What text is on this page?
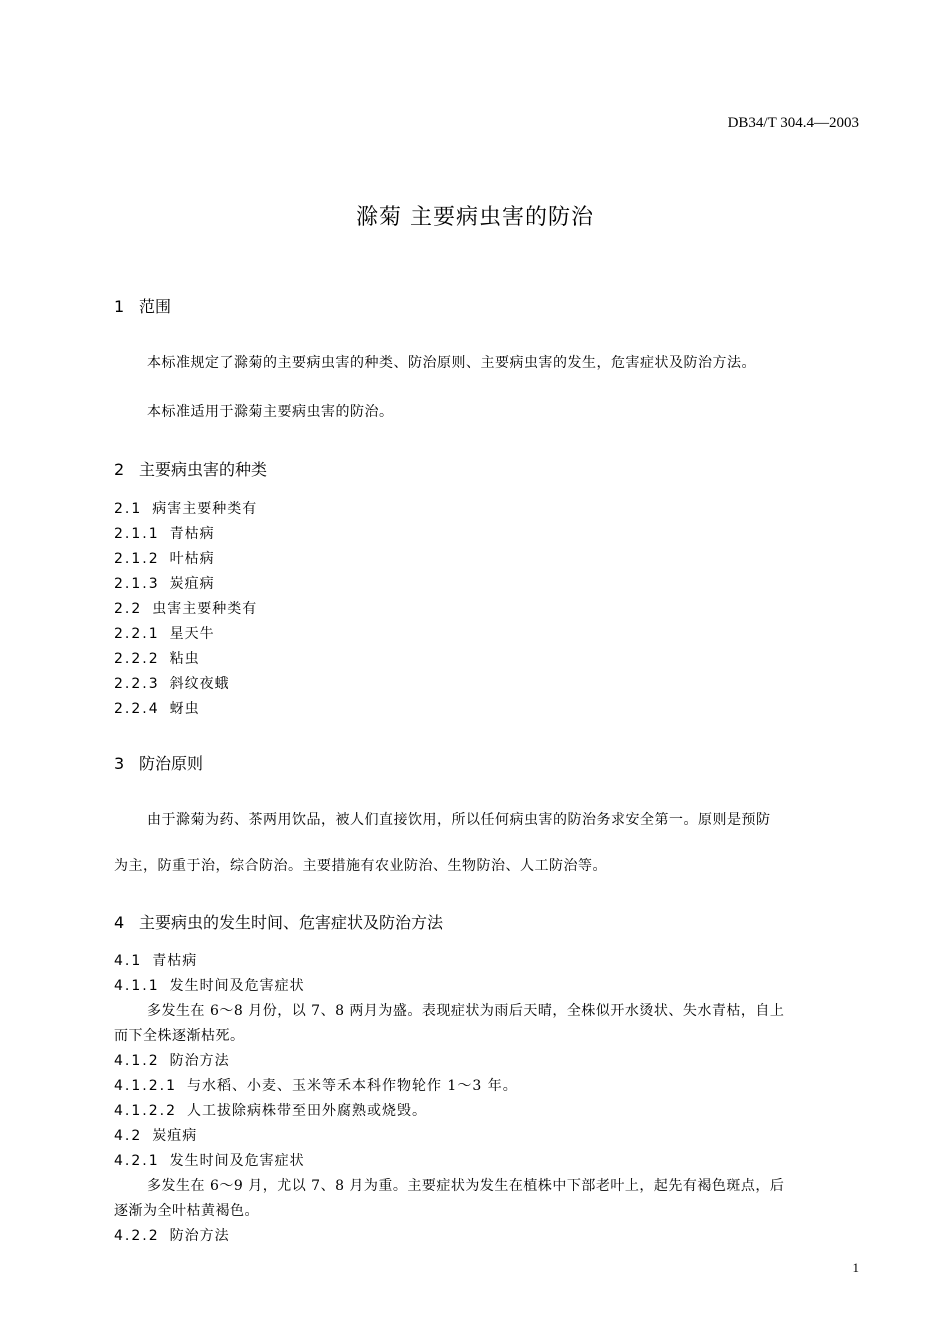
DB34/T 304.4—2003
滁菊 主要病虫害的防治
1 范围
本标准规定了滁菊的主要病虫害的种类、防治原则、主要病虫害的发生，危害症状及防治方法。
本标准适用于滁菊主要病虫害的防治。
2 主要病虫害的种类
2.1 病害主要种类有
2.1.1 青枯病
2.1.2 叶枯病
2.1.3 炭疽病
2.2 虫害主要种类有
2.2.1 星天牛
2.2.2 粘虫
2.2.3 斜纹夜蛾
2.2.4 蚜虫
3 防治原则
由于滁菊为药、茶两用饮品，被人们直接饮用，所以任何病虫害的防治务求安全第一。原则是预防
为主，防重于治，综合防治。主要措施有农业防治、生物防治、人工防治等。
4 主要病虫的发生时间、危害症状及防治方法
4.1 青枯病
4.1.1 发生时间及危害症状
多发生在 6～8 月份，以 7、8 两月为盛。表现症状为雨后天晴，全株似开水烫状、失水青枯，自上
而下全株逐渐枯死。
4.1.2 防治方法
4.1.2.1 与水稻、小麦、玉米等禾本科作物轮作 1～3 年。
4.1.2.2 人工拔除病株带至田外腐熟或烧毁。
4.2 炭疽病
4.2.1 发生时间及危害症状
多发生在 6～9 月，尤以 7、8 月为重。主要症状为发生在植株中下部老叶上，起先有褐色斑点，后
逐渐为全叶枯黄褐色。
4.2.2 防治方法
1
